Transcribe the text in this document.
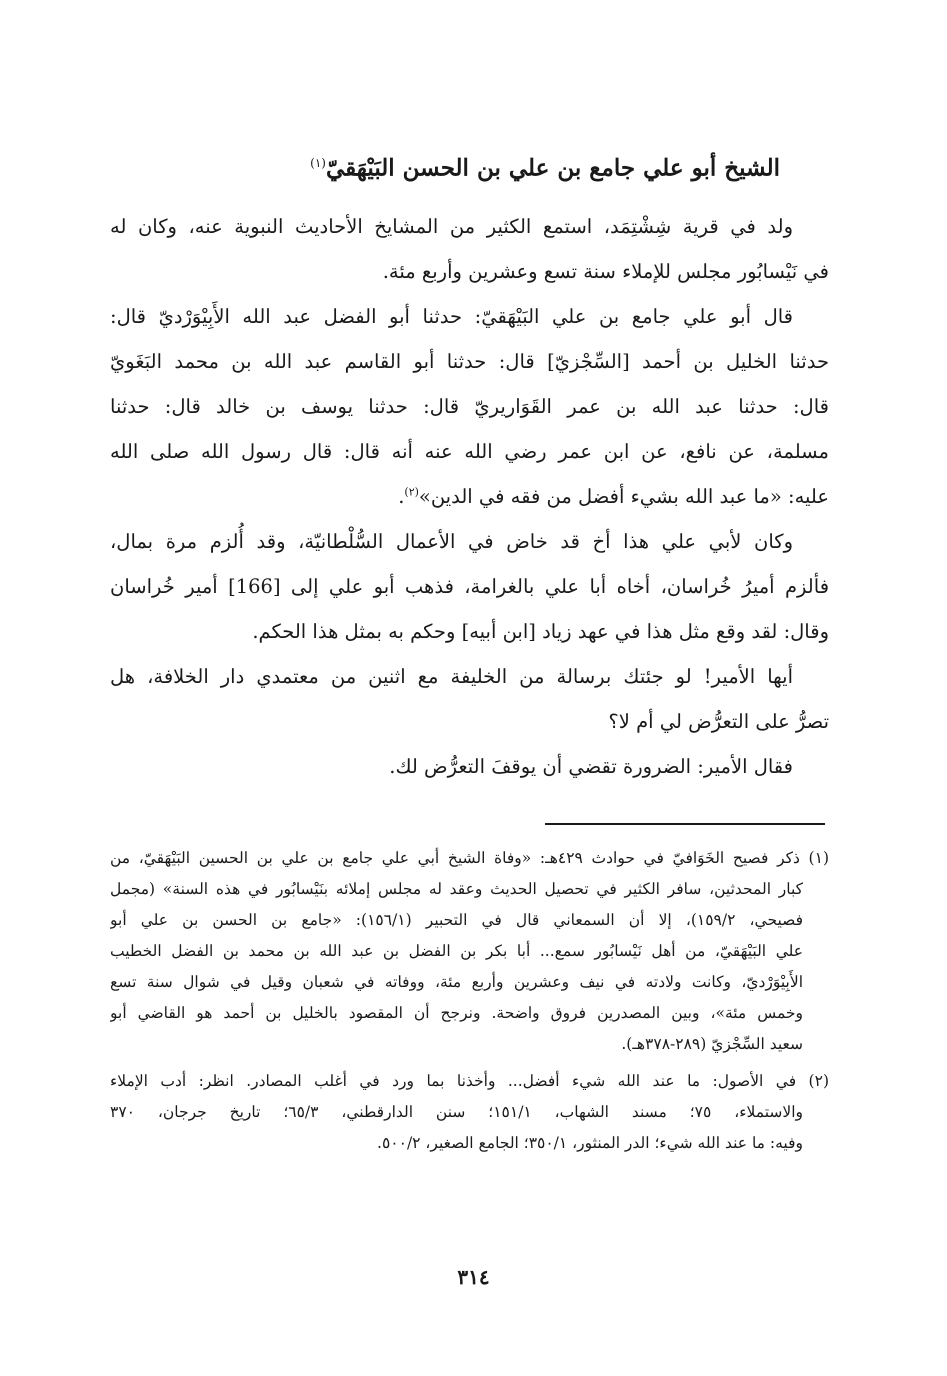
الشيخ أبو علي جامع بن علي بن الحسن البَيْهَقيّ$^{(١)}$
ولد في قرية شِشْتِمَد، استمع الكثير من المشايخ الأحاديث النبوية عنه، وكان له
في نَيْسابُور مجلس للإملاء سنة تسع وعشرين وأربع مئة.
قال أبو علي جامع بن علي البَيْهَقيّ: حدثنا أبو الفضل عبد الله الأَبِيْوَرْديّ قال:
حدثنا الخليل بن أحمد [السِّجْزيّ] قال: حدثنا أبو القاسم عبد الله بن محمد البَغَويّ
قال: حدثنا عبد الله بن عمر القَوَاريريّ قال: حدثنا يوسف بن خالد قال: حدثنا
مسلمة، عن نافع، عن ابن عمر رضي الله عنه أنه قال: قال رسول الله صلى الله
عليه: «ما عبد الله بشيء أفضل من فقه في الدين»$^{(٢)}$.
وكان لأبي علي هذا أخ قد خاض في الأعمال السُّلْطانيّة، وقد أُلزم مرة بمال،
فألزم أميرُ خُراسان، أخاه أبا علي بالغرامة، فذهب أبو علي إلى [166] أمير خُراسان
وقال: لقد وقع مثل هذا في عهد زياد [ابن أبيه] وحكم به بمثل هذا الحكم.
أيها الأمير! لو جئتك برسالة من الخليفة مع اثنين من معتمدي دار الخلافة، هل
تصرُّ على التعرُّض لي أم لا؟
فقال الأمير: الضرورة تقضي أن يوقفَ التعرُّض لك.
(١) ذكر فصيح الخَوَافيّ في حوادث ٤٢٩هـ: «وفاة الشيخ أبي علي جامع بن علي بن الحسين البَيْهَقيّ، من
كبار المحدثين، سافر الكثير في تحصيل الحديث وعقد له مجلس إملائه بنَيْسابُور في هذه السنة» (مجمل
فصيحي، ١٥٩/٢)، إلا أن السمعاني قال في التحبير (١٥٦/١): «جامع بن الحسن بن علي أبو
علي البَيْهَقيّ، من أهل نَيْسابُور سمع... أبا بكر بن الفضل بن عبد الله بن محمد بن الفضل الخطيب
الأَبِيْوَرْديّ، وكانت ولادته في نيف وعشرين وأربع مئة، ووفاته في شعبان وقيل في شوال سنة تسع
وخمس مئة»، وبين المصدرين فروق واضحة. ونرجح أن المقصود بالخليل بن أحمد هو القاضي أبو
سعيد السِّجْزيّ (٢٨٩-٣٧٨هـ).
(٢) في الأصول: ما عند الله شيء أفضل... وأخذنا بما ورد في أغلب المصادر. انظر: أدب الإملاء
والاستملاء، ٧٥؛ مسند الشهاب، ١٥١/١؛ سنن الدارقطني، ٦٥/٣؛ تاريخ جرجان، ٣٧٠
وفيه: ما عند الله شيء؛ الدر المنثور، ٣٥٠/١؛ الجامع الصغير، ٥٠٠/٢.
٣١٤
